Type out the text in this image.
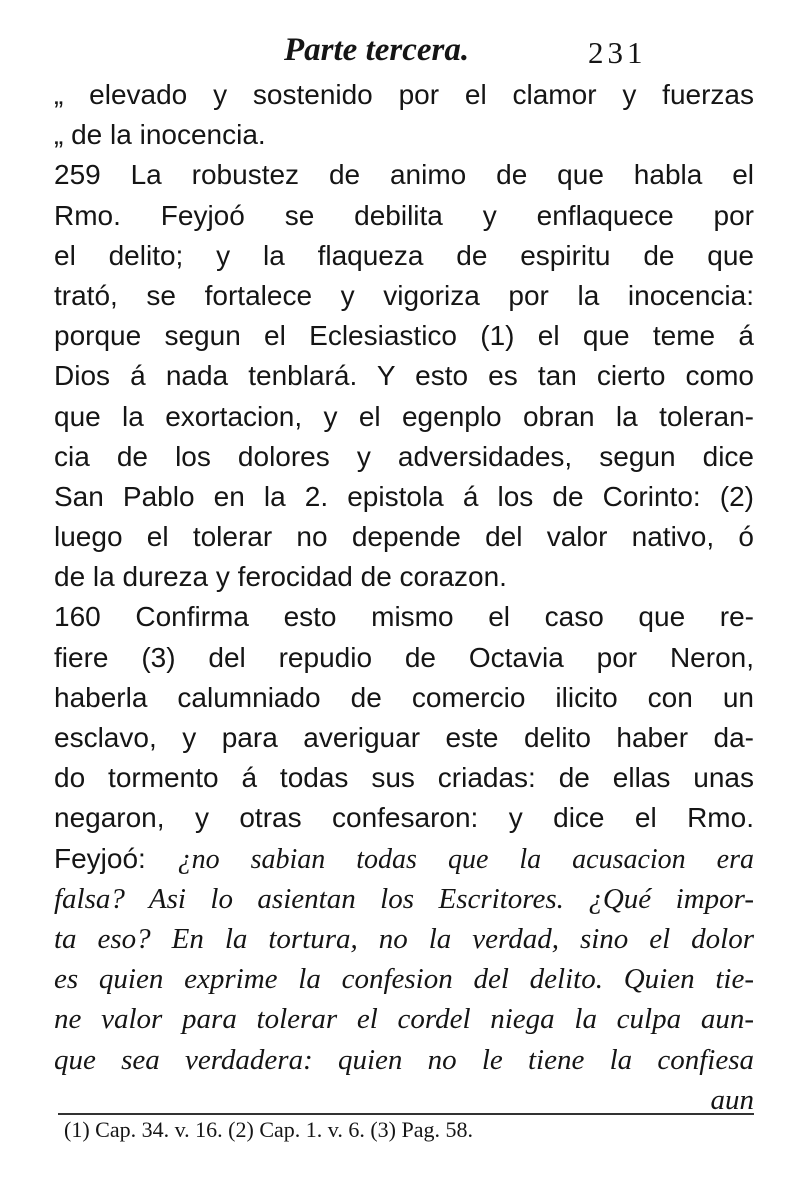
Parte tercera.	231
„ elevado y sostenido por el clamor y fuerzas
„ de la inocencia.
259 La robustez de animo de que habla el
Rmo. Feyjoó se debilita y enflaquece por
el delito; y la flaqueza de espiritu de que
trató, se fortalece y vigoriza por la inocencia:
porque segun el Eclesiastico (1) el que teme á
Dios á nada tenblará. Y esto es tan cierto como
que la exortacion, y el egenplo obran la toleran-
cia de los dolores y adversidades, segun dice
San Pablo en la 2. epistola á los de Corinto: (2)
luego el tolerar no depende del valor nativo, ó
de la dureza y ferocidad de corazon.
160 Confirma esto mismo el caso que re-
fiere (3) del repudio de Octavia por Neron,
haberla calumniado de comercio ilicito con un
esclavo, y para averiguar este delito haber da-
do tormento á todas sus criadas: de ellas unas
negaron, y otras confesaron: y dice el Rmo.
Feyjoó: ¿no sabian todas que la acusacion era
falsa? Asi lo asientan los Escritores. ¿Qué impor-
ta eso? En la tortura, no la verdad, sino el dolor
es quien exprime la confesion del delito. Quien tie-
ne valor para tolerar el cordel niega la culpa aun-
que sea verdadera: quien no le tiene la confiesa
aun
(1) Cap. 34. v. 16. (2) Cap. 1. v. 6. (3) Pag. 58.
